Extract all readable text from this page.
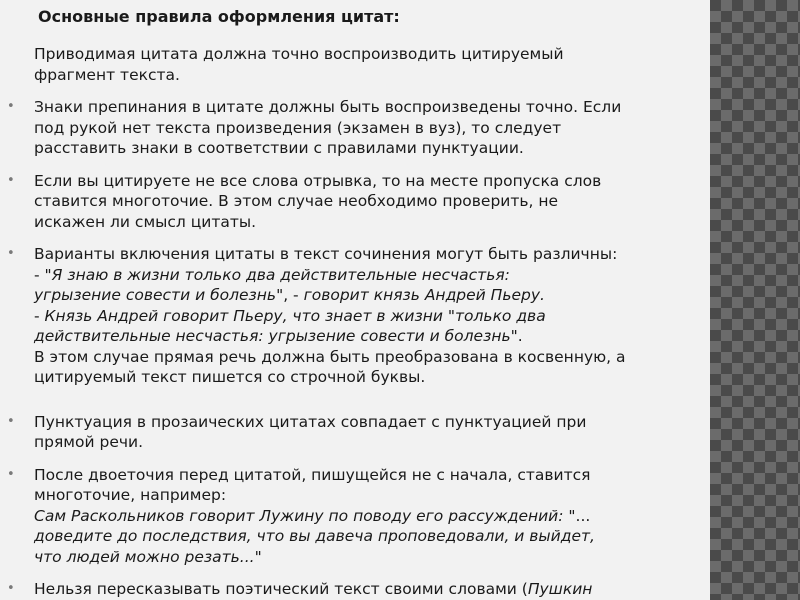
Основные правила оформления цитат:
Приводимая цитата должна точно воспроизводить цитируемый
фрагмент текста.
• Знаки препинания в цитате должны быть воспроизведены точно. Если
под рукой нет текста произведения (экзамен в вуз), то следует
расставить знаки в соответствии с правилами пунктуации.
• Если вы цитируете не все слова отрывка, то на месте пропуска слов
ставится многоточие. В этом случае необходимо проверить, не
искажен ли смысл цитаты.
• Варианты включения цитаты в текст сочинения могут быть различны:
- "Я знаю в жизни только два действительные несчастья:
угрызение совести и болезнь", - говорит князь Андрей Пьеру.
- Князь Андрей говорит Пьеру, что знает в жизни "только два
действительные несчастья: угрызение совести и болезнь".
В этом случае прямая речь должна быть преобразована в косвенную, а
цитируемый текст пишется со строчной буквы.
• Пунктуация в прозаических цитатах совпадает с пунктуацией при
прямой речи.
• После двоеточия перед цитатой, пишущейся не с начала, ставится
многоточие, например:
Сам Раскольников говорит Лужину по поводу его рассуждений: "...
доведите до последствия, что вы давеча проповедовали, и выйдет,
что людей можно резать..."
• Нельзя пересказывать поэтический текст своими словами (Пушкин
